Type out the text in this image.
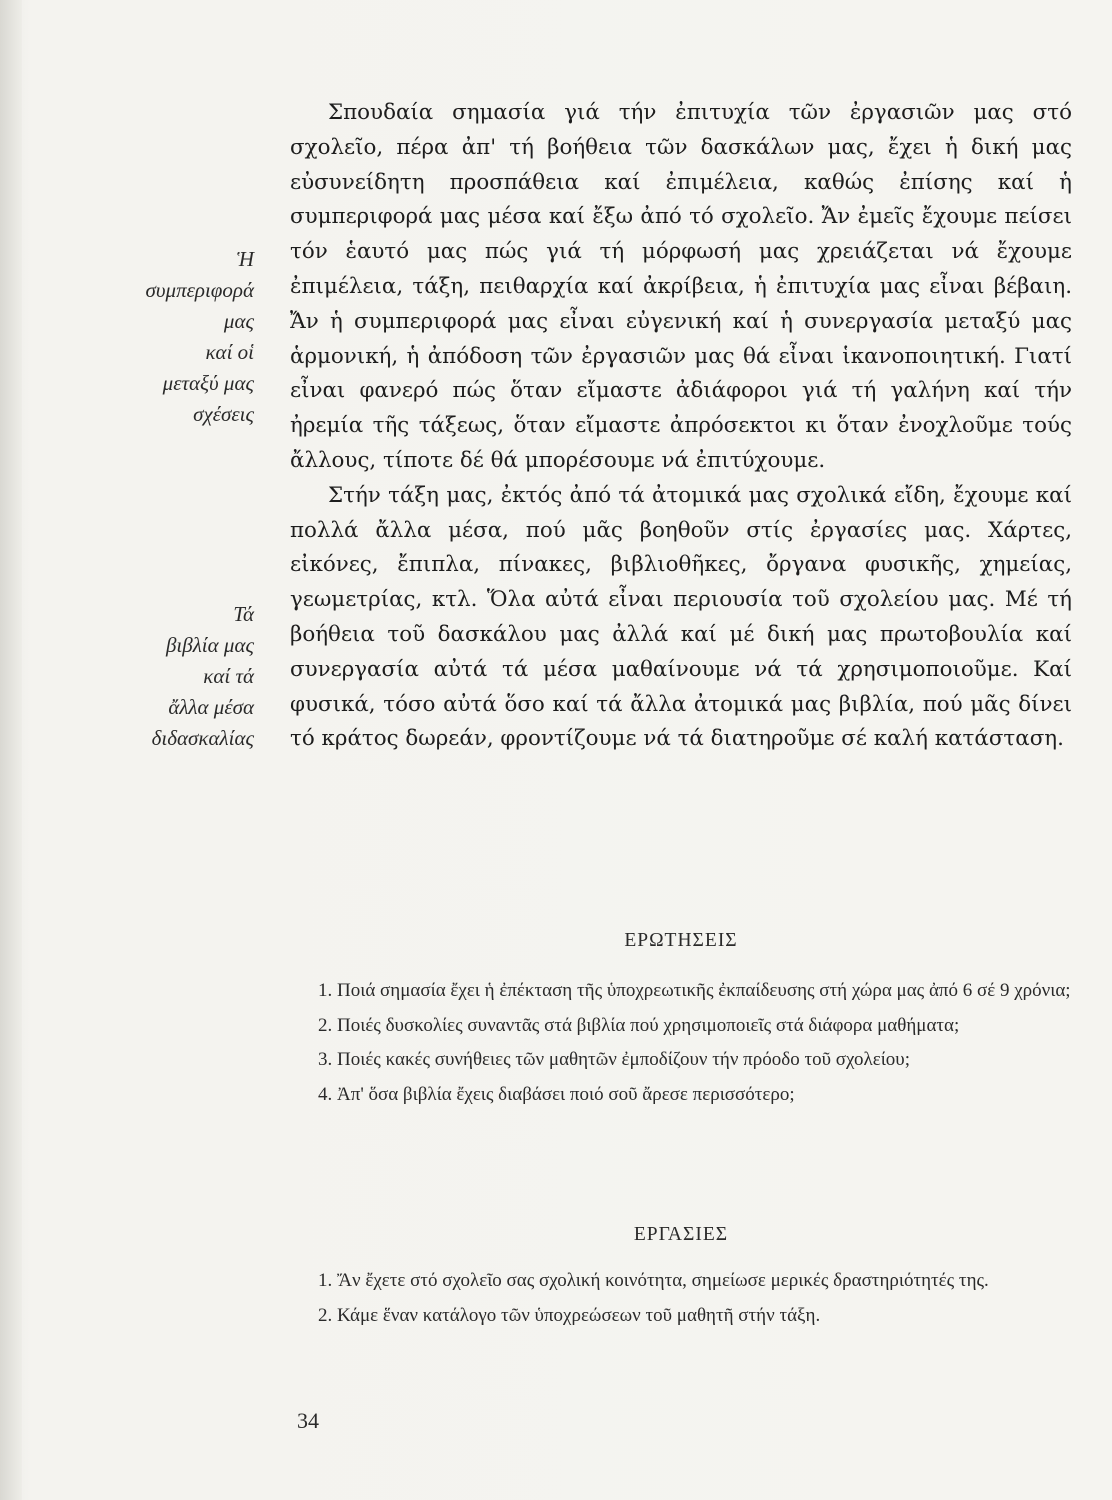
Ἡ
συμπεριφορά
μας
καί οἱ
μεταξύ μας
σχέσεις
Τά
βιβλία μας
καί τά
ἄλλα μέσα
διδασκαλίας

Σπουδαία σημασία γιά τήν ἐπιτυχία τῶν ἐργασιῶν μας στό σχολεῖο, πέρα ἀπ' τή βοήθεια τῶν δασκάλων μας, ἔχει ἡ δική μας εὐσυνείδητη προσπάθεια καί ἐπιμέλεια, καθώς ἐπίσης καί ἡ συμπεριφορά μας μέσα καί ἔξω ἀπό τό σχολεῖο. Ἄν ἐμεῖς ἔχουμε πείσει τόν ἑαυτό μας πώς γιά τή μόρφωσή μας χρειάζεται νά ἔχουμε ἐπιμέλεια, τάξη, πειθαρχία καί ἀκρίβεια, ἡ ἐπιτυχία μας εἶναι βέβαιη. Ἄν ἡ συμπεριφορά μας εἶναι εὐγενική καί ἡ συνεργασία μεταξύ μας ἁρμονική, ἡ ἀπόδοση τῶν ἐργασιῶν μας θά εἶναι ἱκανοποιητική. Γιατί εἶναι φανερό πώς ὅταν εἴμαστε ἀδιάφοροι γιά τή γαλήνη καί τήν ἠρεμία τῆς τάξεως, ὅταν εἴμαστε ἀπρόσεκτοι κι ὅταν ἐνοχλοῦμε τούς ἄλλους, τίποτε δέ θά μπορέσουμε νά ἐπιτύχουμε.

Στήν τάξη μας, ἐκτός ἀπό τά ἀτομικά μας σχολικά εἴδη, ἔχουμε καί πολλά ἄλλα μέσα, πού μᾶς βοηθοῦν στίς ἐργασίες μας. Χάρτες, εἰκόνες, ἔπιπλα, πίνακες, βιβλιοθῆκες, ὄργανα φυσικῆς, χημείας, γεωμετρίας, κτλ. Ὅλα αὐτά εἶναι περιουσία τοῦ σχολείου μας. Μέ τή βοήθεια τοῦ δασκάλου μας ἀλλά καί μέ δική μας πρωτοβουλία καί συνεργασία αὐτά τά μέσα μαθαίνουμε νά τά χρησιμοποιοῦμε. Καί φυσικά, τόσο αὐτά ὅσο καί τά ἄλλα ἀτομικά μας βιβλία, πού μᾶς δίνει τό κράτος δωρεάν, φροντίζουμε νά τά διατηροῦμε σέ καλή κατάσταση.

ΕΡΩΤΗΣΕΙΣ
1. Ποιά σημασία ἔχει ἡ ἐπέκταση τῆς ὑποχρεωτικῆς ἐκπαίδευσης στή χώρα μας ἀπό 6 σέ 9 χρόνια;
2. Ποιές δυσκολίες συναντᾶς στά βιβλία πού χρησιμοποιεῖς στά διάφορα μαθήματα;
3. Ποιές κακές συνήθειες τῶν μαθητῶν ἐμποδίζουν τήν πρόοδο τοῦ σχολείου;
4. Ἀπ' ὅσα βιβλία ἔχεις διαβάσει ποιό σοῦ ἄρεσε περισσότερο;
ΕΡΓΑΣΙΕΣ
1. Ἄν ἔχετε στό σχολεῖο σας σχολική κοινότητα, σημείωσε μερικές δραστηριότητές της.
2. Κάμε ἕναν κατάλογο τῶν ὑποχρεώσεων τοῦ μαθητῆ στήν τάξη.
34
